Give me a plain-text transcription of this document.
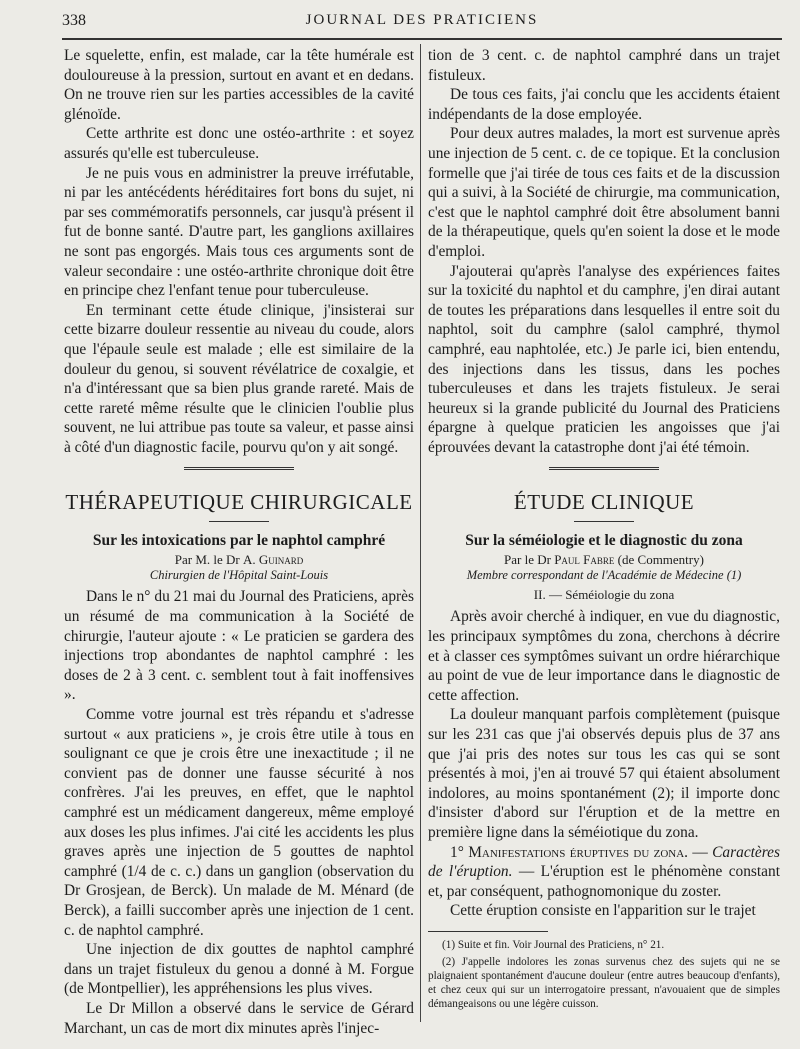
338	JOURNAL DES PRATICIENS

Le squelette, enfin, est malade, car la tête humérale est douloureuse à la pression, surtout en avant et en dedans. On ne trouve rien sur les parties accessibles de la cavité glénoïde.

Cette arthrite est donc une ostéo-arthrite : et soyez assurés qu'elle est tuberculeuse.

Je ne puis vous en administrer la preuve irréfutable, ni par les antécédents héréditaires fort bons du sujet, ni par ses commémoratifs personnels, car jusqu'à présent il fut de bonne santé. D'autre part, les ganglions axillaires ne sont pas engorgés. Mais tous ces arguments sont de valeur secondaire : une ostéo-arthrite chronique doit être en principe chez l'enfant tenue pour tuberculeuse.

En terminant cette étude clinique, j'insisterai sur cette bizarre douleur ressentie au niveau du coude, alors que l'épaule seule est malade ; elle est similaire de la douleur du genou, si souvent révélatrice de coxalgie, et n'a d'intéressant que sa bien plus grande rareté. Mais de cette rareté même résulte que le clinicien l'oublie plus souvent, ne lui attribue pas toute sa valeur, et passe ainsi à côté d'un diagnostic facile, pourvu qu'on y ait songé.

THÉRAPEUTIQUE CHIRURGICALE
Sur les intoxications par le naphtol camphré
Par M. le Dr A. Guinard
Chirurgien de l'Hôpital Saint-Louis

Dans le n° du 21 mai du Journal des Praticiens, après un résumé de ma communication à la Société de chirurgie, l'auteur ajoute : « Le praticien se gardera des injections trop abondantes de naphtol camphré : les doses de 2 à 3 cent. c. semblent tout à fait inoffensives ».

Comme votre journal est très répandu et s'adresse surtout « aux praticiens », je crois être utile à tous en soulignant ce que je crois être une inexactitude ; il ne convient pas de donner une fausse sécurité à nos confrères. J'ai les preuves, en effet, que le naphtol camphré est un médicament dangereux, même employé aux doses les plus infimes. J'ai cité les accidents les plus graves après une injection de 5 gouttes de naphtol camphré (1/4 de c. c.) dans un ganglion (observation du Dr Grosjean, de Berck). Un malade de M. Ménard (de Berck), a failli succomber après une injection de 1 cent. c. de naphtol camphré.

Une injection de dix gouttes de naphtol camphré dans un trajet fistuleux du genou a donné à M. Forgue (de Montpellier), les appréhensions les plus vives.

Le Dr Millon a observé dans le service de Gérard Marchant, un cas de mort dix minutes après l'injec-

tion de 3 cent. c. de naphtol camphré dans un trajet fistuleux.

De tous ces faits, j'ai conclu que les accidents étaient indépendants de la dose employée.

Pour deux autres malades, la mort est survenue après une injection de 5 cent. c. de ce topique. Et la conclusion formelle que j'ai tirée de tous ces faits et de la discussion qui a suivi, à la Société de chirurgie, ma communication, c'est que le naphtol camphré doit être absolument banni de la thérapeutique, quels qu'en soient la dose et le mode d'emploi.

J'ajouterai qu'après l'analyse des expériences faites sur la toxicité du naphtol et du camphre, j'en dirai autant de toutes les préparations dans lesquelles il entre soit du naphtol, soit du camphre (salol camphré, thymol camphré, eau naphtolée, etc.) Je parle ici, bien entendu, des injections dans les tissus, dans les poches tuberculeuses et dans les trajets fistuleux. Je serai heureux si la grande publicité du Journal des Praticiens épargne à quelque praticien les angoisses que j'ai éprouvées devant la catastrophe dont j'ai été témoin.

ÉTUDE CLINIQUE
Sur la séméiologie et le diagnostic du zona
Par le Dr Paul Fabre (de Commentry)
Membre correspondant de l'Académie de Médecine (1)
II. — Séméiologie du zona

Après avoir cherché à indiquer, en vue du diagnostic, les principaux symptômes du zona, cherchons à décrire et à classer ces symptômes suivant un ordre hiérarchique au point de vue de leur importance dans le diagnostic de cette affection.

La douleur manquant parfois complètement (puisque sur les 231 cas que j'ai observés depuis plus de 37 ans que j'ai pris des notes sur tous les cas qui se sont présentés à moi, j'en ai trouvé 57 qui étaient absolument indolores, au moins spontanément (2); il importe donc d'insister d'abord sur l'éruption et de la mettre en première ligne dans la séméiotique du zona.

1° Manifestations éruptives du zona. — Caractères de l'éruption. — L'éruption est le phénomène constant et, par conséquent, pathognomonique du zoster.

Cette éruption consiste en l'apparition sur le trajet

(1) Suite et fin. Voir Journal des Praticiens, n° 21.

(2) J'appelle indolores les zonas survenus chez des sujets qui ne se plaignaient spontanément d'aucune douleur (entre autres beaucoup d'enfants), et chez ceux qui sur un interrogatoire pressant, n'avouaient que de simples démangeaisons ou une légère cuisson.
